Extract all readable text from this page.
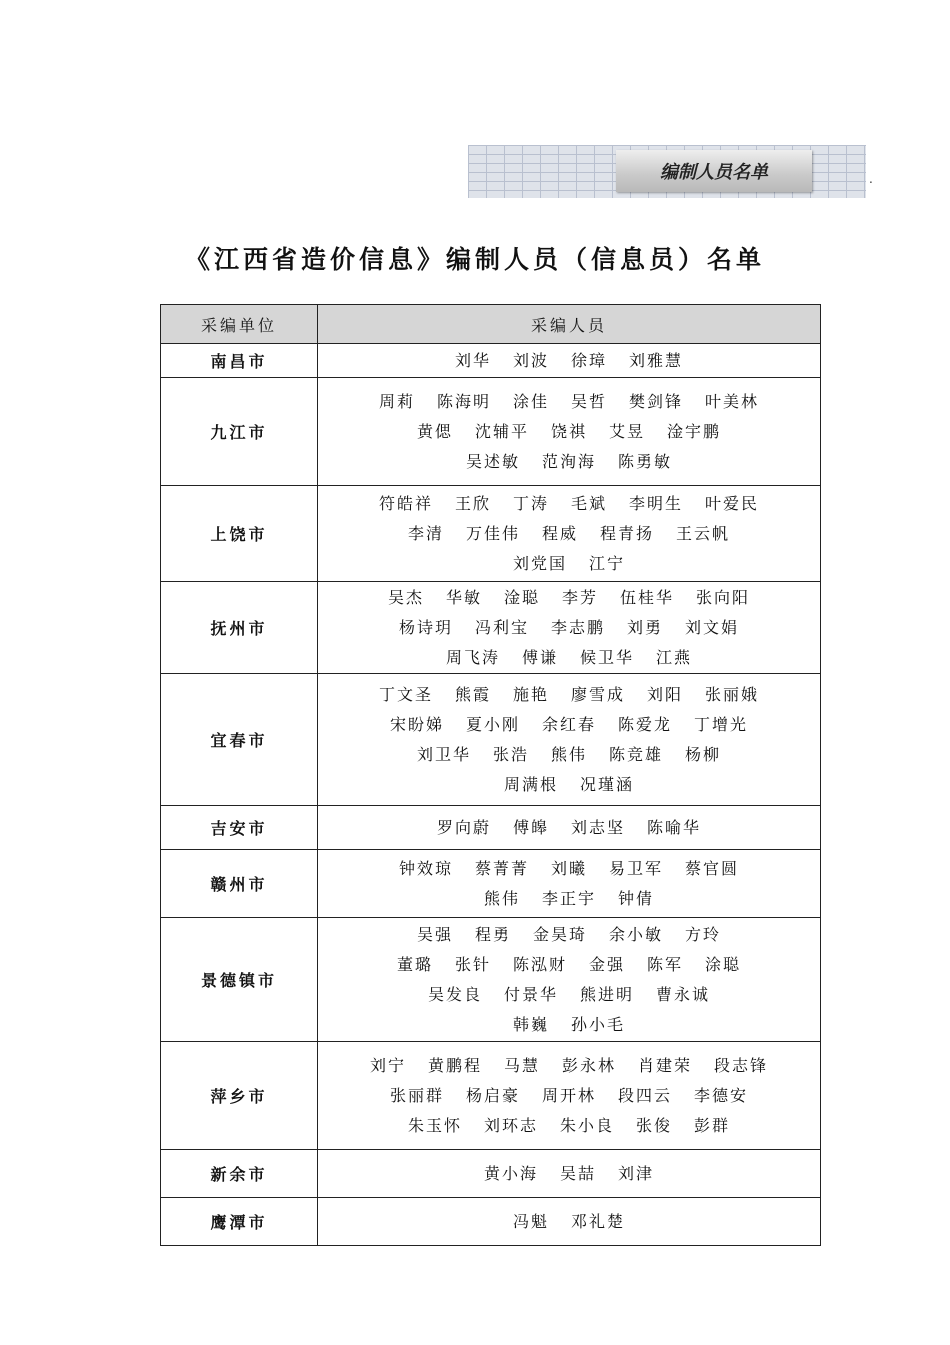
编制人员名单	.
《江西省造价信息》编制人员（信息员）名单
采编单位	采编人员
南昌市	刘华 刘波 徐璋 刘雅慧

九江市	周莉 陈海明 涂佳 吴哲 樊剑锋 叶美林
黄偲 沈辅平 饶祺 艾昱 淦宇鹏
吴述敏 范洵海 陈勇敏

上饶市	符皓祥 王欣 丁涛 毛斌 李明生 叶爱民
李清 万佳伟 程威 程青扬 王云帆
刘党国 江宁

抚州市	吴杰 华敏 淦聪 李芳 伍桂华 张向阳
杨诗玥 冯利宝 李志鹏 刘勇 刘文娟
周飞涛 傅谦 候卫华 江燕

宜春市	丁文圣 熊霞 施艳 廖雪成 刘阳 张丽娥
宋盼娣 夏小刚 余红春 陈爱龙 丁增光
刘卫华 张浩 熊伟 陈竞雄 杨柳
周满根 况瑾涵

吉安市	罗向蔚 傅皞 刘志坚 陈喻华

赣州市	钟效琼 蔡菁菁 刘曦 易卫军 蔡官圆
熊伟 李正宇 钟倩

景德镇市	吴强 程勇 金昊琦 余小敏 方玲
董璐 张针 陈泓财 金强 陈军 涂聪
吴发良 付景华 熊进明 曹永诚
韩巍 孙小毛

萍乡市	刘宁 黄鹏程 马慧 彭永林 肖建荣 段志锋
张丽群 杨启豪 周开林 段四云 李德安
朱玉怀 刘环志 朱小良 张俊 彭群

新余市	黄小海 吴喆 刘津

鹰潭市	冯魁 邓礼楚
